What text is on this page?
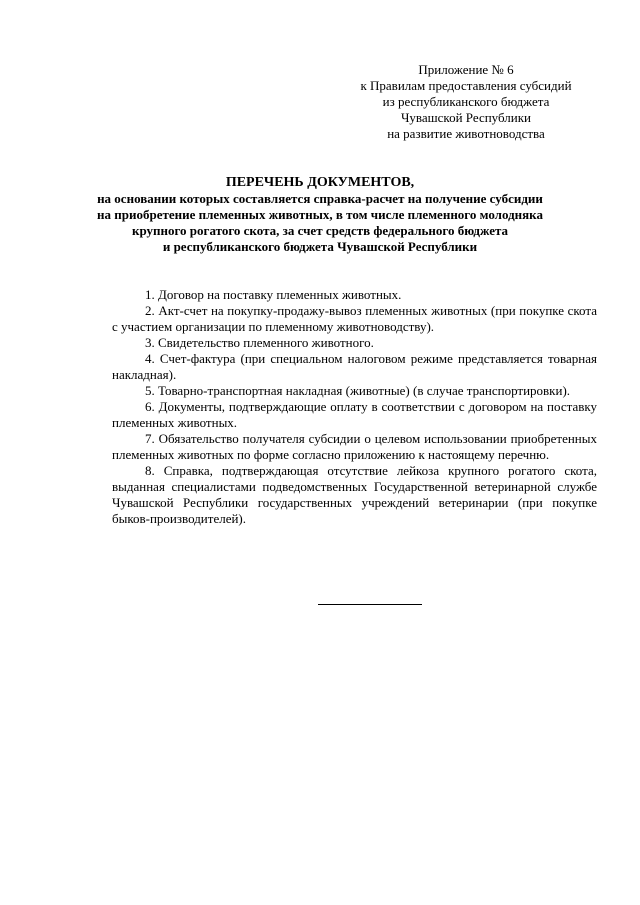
Приложение № 6
к Правилам предоставления субсидий
из республиканского бюджета
Чувашской Республики
на развитие животноводства
ПЕРЕЧЕНЬ ДОКУМЕНТОВ,
на основании которых составляется справка-расчет на получение субсидии
на приобретение племенных животных, в том числе племенного молодняка
крупного рогатого скота, за счет средств федерального бюджета
и республиканского бюджета Чувашской Республики

1. Договор на поставку племенных животных.

2. Акт-счет на покупку-продажу-вывоз племенных животных (при покупке скота с участием организации по племенному животноводству).

3. Свидетельство племенного животного.

4. Счет-фактура (при специальном налоговом режиме представляется товарная накладная).

5. Товарно-транспортная накладная (животные) (в случае транспортировки).

6. Документы, подтверждающие оплату в соответствии с договором на поставку племенных животных.

7. Обязательство получателя субсидии о целевом использовании приобретенных племенных животных по форме согласно приложению к настоящему перечню.

8. Справка, подтверждающая отсутствие лейкоза крупного рогатого скота, выданная специалистами подведомственных Государственной ветеринарной службе Чувашской Республики государственных учреждений ветеринарии (при покупке быков-производителей).
